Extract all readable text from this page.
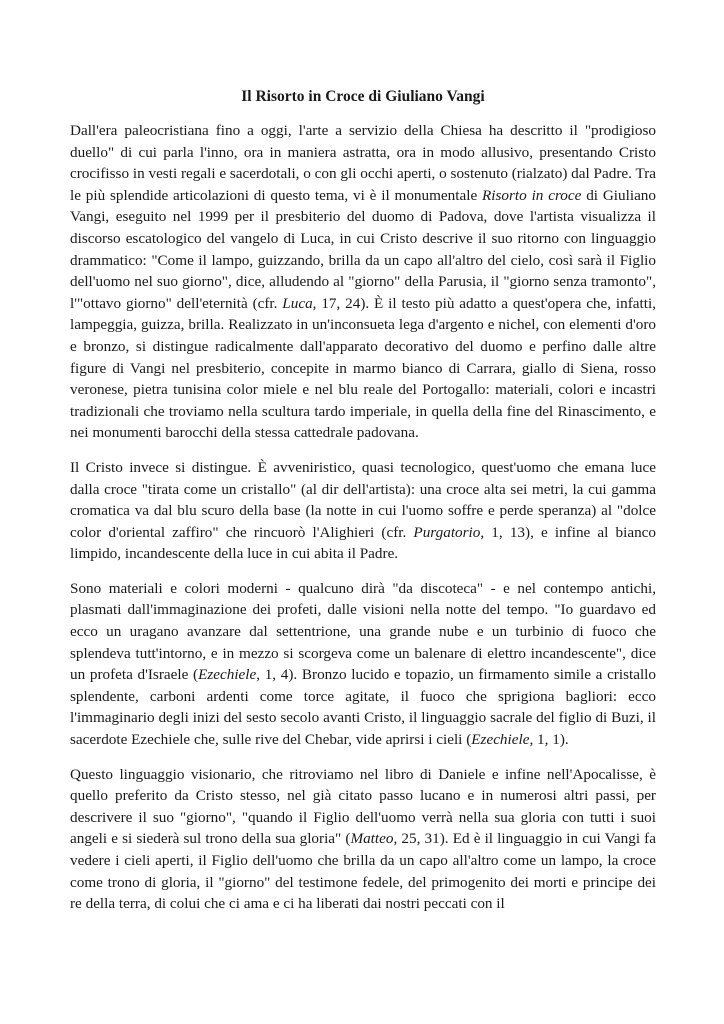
Il Risorto in Croce di Giuliano Vangi

Dall'era paleocristiana fino a oggi, l'arte a servizio della Chiesa ha descritto il "prodigioso duello" di cui parla l'inno, ora in maniera astratta, ora in modo allusivo, presentando Cristo crocifisso in vesti regali e sacerdotali, o con gli occhi aperti, o sostenuto (rialzato) dal Padre. Tra le più splendide articolazioni di questo tema, vi è il monumentale Risorto in croce di Giuliano Vangi, eseguito nel 1999 per il presbiterio del duomo di Padova, dove l'artista visualizza il discorso escatologico del vangelo di Luca, in cui Cristo descrive il suo ritorno con linguaggio drammatico: "Come il lampo, guizzando, brilla da un capo all'altro del cielo, così sarà il Figlio dell'uomo nel suo giorno", dice, alludendo al "giorno" della Parusia, il "giorno senza tramonto", l'"ottavo giorno" dell'eternità (cfr. Luca, 17, 24). È il testo più adatto a quest'opera che, infatti, lampeggia, guizza, brilla. Realizzato in un'inconsueta lega d'argento e nichel, con elementi d'oro e bronzo, si distingue radicalmente dall'apparato decorativo del duomo e perfino dalle altre figure di Vangi nel presbiterio, concepite in marmo bianco di Carrara, giallo di Siena, rosso veronese, pietra tunisina color miele e nel blu reale del Portogallo: materiali, colori e incastri tradizionali che troviamo nella scultura tardo imperiale, in quella della fine del Rinascimento, e nei monumenti barocchi della stessa cattedrale padovana.

Il Cristo invece si distingue. È avveniristico, quasi tecnologico, quest'uomo che emana luce dalla croce "tirata come un cristallo" (al dir dell'artista): una croce alta sei metri, la cui gamma cromatica va dal blu scuro della base (la notte in cui l'uomo soffre e perde speranza) al "dolce color d'oriental zaffiro" che rincuorò l'Alighieri (cfr. Purgatorio, 1, 13), e infine al bianco limpido, incandescente della luce in cui abita il Padre.

Sono materiali e colori moderni - qualcuno dirà "da discoteca" - e nel contempo antichi, plasmati dall'immaginazione dei profeti, dalle visioni nella notte del tempo. "Io guardavo ed ecco un uragano avanzare dal settentrione, una grande nube e un turbinio di fuoco che splendeva tutt'intorno, e in mezzo si scorgeva come un balenare di elettro incandescente", dice un profeta d'Israele (Ezechiele, 1, 4). Bronzo lucido e topazio, un firmamento simile a cristallo splendente, carboni ardenti come torce agitate, il fuoco che sprigiona bagliori: ecco l'immaginario degli inizi del sesto secolo avanti Cristo, il linguaggio sacrale del figlio di Buzi, il sacerdote Ezechiele che, sulle rive del Chebar, vide aprirsi i cieli (Ezechiele, 1, 1).

Questo linguaggio visionario, che ritroviamo nel libro di Daniele e infine nell'Apocalisse, è quello preferito da Cristo stesso, nel già citato passo lucano e in numerosi altri passi, per descrivere il suo "giorno", "quando il Figlio dell'uomo verrà nella sua gloria con tutti i suoi angeli e si siederà sul trono della sua gloria" (Matteo, 25, 31). Ed è il linguaggio in cui Vangi fa vedere i cieli aperti, il Figlio dell'uomo che brilla da un capo all'altro come un lampo, la croce come trono di gloria, il "giorno" del testimone fedele, del primogenito dei morti e principe dei re della terra, di colui che ci ama e ci ha liberati dai nostri peccati con il
